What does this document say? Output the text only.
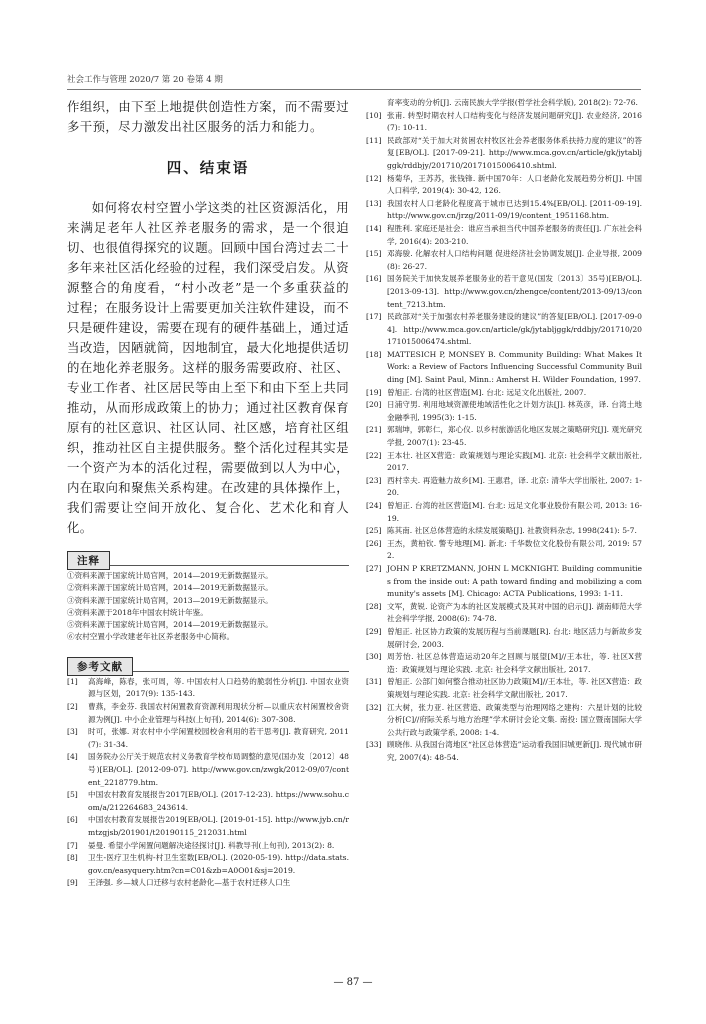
社会工作与管理 2020/7 第 20 卷第 4 期

作组织，由下至上地提供创造性方案，而不需要过多干预，尽力激发出社区服务的活力和能力。

四、结束语

如何将农村空置小学这类的社区资源活化，用来满足老年人社区养老服务的需求，是一个很迫切、也很值得探究的议题。回顾中国台湾过去二十多年来社区活化经验的过程，我们深受启发。从资源整合的角度看，“村小改老”是一个多重获益的过程；在服务设计上需要更加关注软件建设，而不只是硬件建设，需要在现有的硬件基础上，通过适当改造，因陋就简，因地制宜，最大化地提供适切的在地化养老服务。这样的服务需要政府、社区、专业工作者、社区居民等由上至下和由下至上共同推动，从而形成政策上的协力；通过社区教育保育原有的社区意识、社区认同、社区感，培育社区组织，推动社区自主提供服务。整个活化过程其实是一个资产为本的活化过程，需要做到以人为中心，内在取向和聚焦关系构建。在改建的具体操作上，我们需要让空间开放化、复合化、艺术化和育人化。

注释
①资料来源于国家统计局官网，2014—2019无新数据显示。
②资料来源于国家统计局官网，2014—2019无新数据显示。
③资料来源于国家统计局官网，2013—2019无新数据显示。
④资料来源于2018年中国农村统计年鉴。
⑤资料来源于国家统计局官网，2014—2019无新数据显示。
⑥农村空置小学改建老年社区养老服务中心简称。
参考文献
[1]	高海峰，陈春，张可周，等. 中国农村人口趋势的脆弱性分析[J]. 中国农业资源与区划，2017(9): 135-143.
[2]	曹燕，李金芬. 我国农村闲置教育资源利用现状分析—以重庆农村闲置校舍资源为例[J]. 中小企业管理与科技(上旬刊), 2014(6): 307-308.
[3]	时可，张娜. 对农村中小学闲置校园校舍利用的若干思考[J]. 教育研究, 2011(7): 31-34.
[4]	国务院办公厅关于规范农村义务教育学校布局调整的意见(国办发〔2012〕48号)[EB/OL]. [2012-09-07]. http://www.gov.cn/zwgk/2012-09/07/content_2218779.htm.
[5]	中国农村教育发展报告2017[EB/OL]. (2017-12-23). https://www.sohu.com/a/212264683_243614.
[6]	中国农村教育发展报告2019[EB/OL]. [2019-01-15]. http://www.jyb.cn/rmtzgjsb/201901/t20190115_212031.html
[7]	晏曼. 希望小学闲置问题解决途径探讨[J]. 科教导刊(上旬刊), 2013(2): 8.
[8]	卫生-医疗卫生机构-村卫生室数[EB/OL]. (2020-05-19). http://data.stats.gov.cn/easyquery.htm?cn=C01&zb=A0O01&sj=2019.
[9]	王泽强. 乡—城人口迁移与农村老龄化—基于农村迁移人口生
育率变动的分析[J]. 云南民族大学学报(哲学社会科学版), 2018(2): 72-76.
[10] 张甫. 转型时期农村人口结构变化与经济发展问题研究[J]. 农业经济, 2016(7): 10-11.
[11] 民政部对“关于加大对贫困农村牧区社会养老服务体系扶持力度的建议”的答复[EB/OL]. [2017-09-21]. http://www.mca.gov.cn/article/gk/jytabljggk/rddbjy/201710/20171015006410.shtml.
[12] 杨菊华，王苏苏，张钱锋. 新中国70年：人口老龄化发展趋势分析[J]. 中国人口科学, 2019(4): 30-42, 126.
[13] 我国农村人口老龄化程度高于城市已达到15.4%[EB/OL]. [2011-09-19]. http://www.gov.cn/jrzg/2011-09/19/content_1951168.htm.
[14] 程胜利. 家庭还是社会：谁应当承担当代中国养老服务的责任[J]. 广东社会科学, 2016(4): 203-210.
[15] 邓海骏. 化解农村人口结构问题 促进经济社会协调发展[J]. 企业导报, 2009(8): 26-27.
[16] 国务院关于加快发展养老服务业的若干意见(国发〔2013〕35号)[EB/OL]. [2013-09-13]. http://www.gov.cn/zhengce/content/2013-09/13/content_7213.htm.
[17] 民政部对“关于加强农村养老服务建设的建议”的答复[EB/OL]. [2017-09-04]. http://www.mca.gov.cn/article/gk/jytabljggk/rddbjy/201710/20171015006474.shtml.
[18] MATTESICH P, MONSEY B. Community Building: What Makes It Work: a Review of Factors Influencing Successful Community Building [M]. Saint Paul, Minn.: Amherst H. Wilder Foundation, 1997.
[19] 曾旭正. 台湾的社区营造[M]. 台北: 远足文化出版社, 2007.
[20] 日浦守男. 利用地域资源使地域活性化之计划方法[J]. 林英彦，译. 台湾土地金融季刊, 1995(3): 1-15.
[21] 郭瑞坤，郭彰仁，郑心仪. 以乡村旅游活化地区发展之策略研究[J]. 观光研究学报, 2007(1): 23-45.
[22] 王本壮. 社区X营造：政策规划与理论实践[M]. 北京: 社会科学文献出版社, 2017.
[23] 西村幸夫. 再造魅力故乡[M]. 王惠君，译. 北京: 清华大学出版社, 2007: 1-20.
[24] 曾旭正. 台湾的社区营造[M]. 台北: 远足文化事业股份有限公司, 2013: 16-19.
[25] 陈其南. 社区总体营造的永续发展策略[J]. 社教资料杂志, 1998(241): 5-7.
[26] 王杰，黄柏钦. 警专地理[M]. 新北: 千华数位文化股份有限公司, 2019: 572.
[27] JOHN P KRETZMANN, JOHN L MCKNIGHT. Building communities from the inside out: A path toward finding and mobilizing a community's assets [M]. Chicago: ACTA Publications, 1993: 1-11.
[28] 文军，黄锐. 论资产为本的社区发展模式及其对中国的启示[J]. 湖南师范大学社会科学学报, 2008(6): 74-78.
[29] 曾旭正. 社区协力政策的发展历程与当前课题[R]. 台北: 地区活力与新故乡发展研讨会, 2003.
[30] 周芳怡. 社区总体营造运动20年之回顾与展望[M]//王本壮，等. 社区X营造：政策规划与理论实践. 北京: 社会科学文献出版社, 2017.
[31] 曾旭正. 公部门如何整合推动社区协力政策[M]//王本壮，等. 社区X营造：政策规划与理论实践. 北京: 社会科学文献出版社, 2017.
[32] 江大树，张力亚. 社区营造、政策类型与治理网络之建构：六星计划的比较分析[C]//府际关系与地方治理”学术研讨会论文集. 南投: 国立暨南国际大学公共行政与政策学系, 2008: 1-4.
[33] 顾晓伟. 从我国台湾地区“社区总体营造”运动看我国旧城更新[J]. 现代城市研究, 2007(4): 48-54.
— 87 —
